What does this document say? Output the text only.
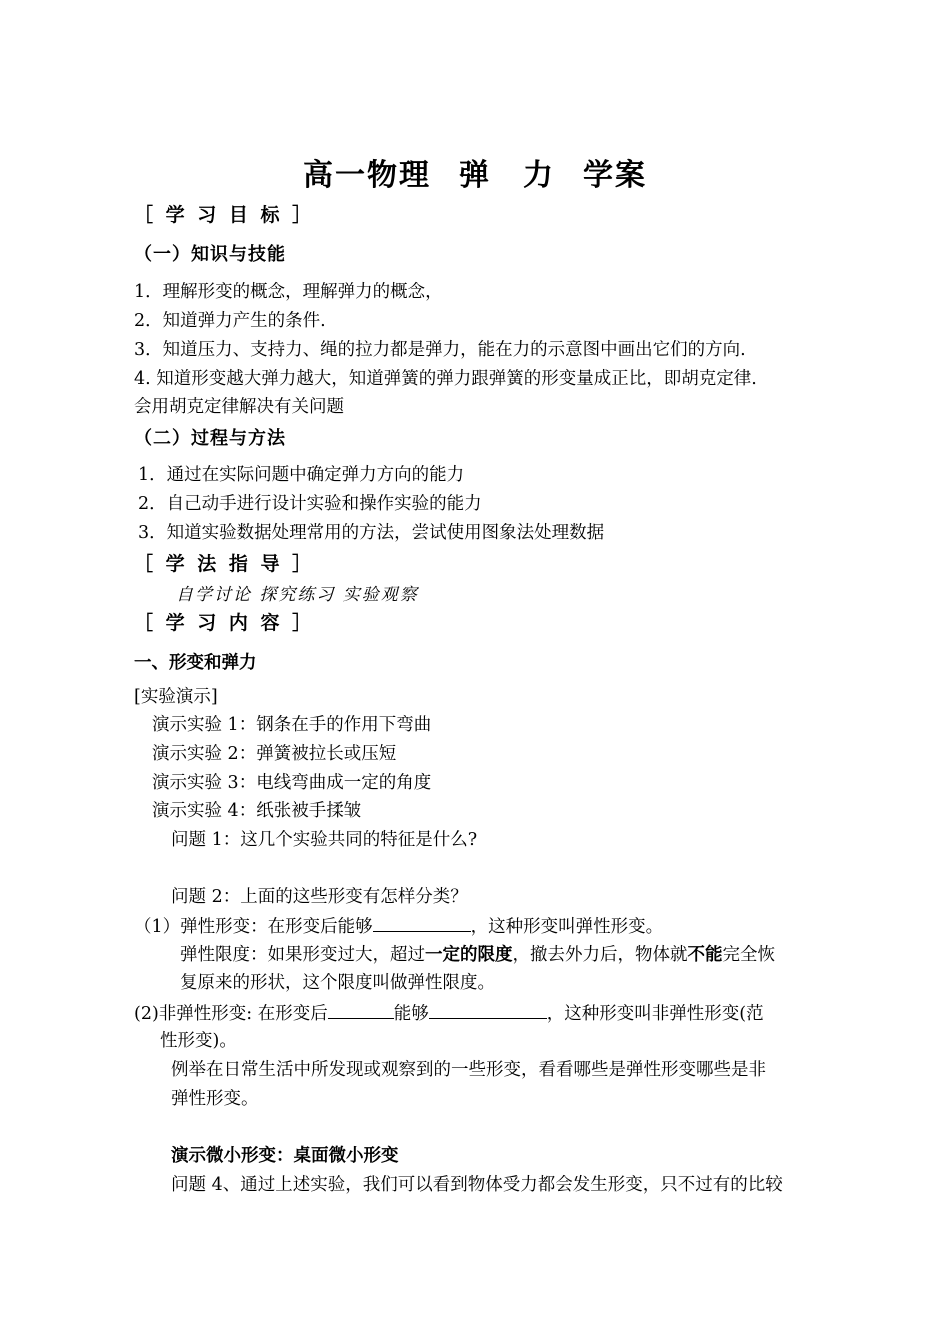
高一物理 弹　力 学案
［ 学 习 目 标 ］
（一）知识与技能
1．理解形变的概念，理解弹力的概念，
2．知道弹力产生的条件.
3．知道压力、支持力、绳的拉力都是弹力，能在力的示意图中画出它们的方向.
4. 知道形变越大弹力越大，知道弹簧的弹力跟弹簧的形变量成正比，即胡克定律.
会用胡克定律解决有关问题
（二）过程与方法
1．通过在实际问题中确定弹力方向的能力
2．自己动手进行设计实验和操作实验的能力
3．知道实验数据处理常用的方法，尝试使用图象法处理数据
［ 学 法 指 导 ］
自学讨论 探究练习 实验观察
［ 学 习 内 容 ］
一、形变和弹力
[实验演示]
演示实验 1：钢条在手的作用下弯曲
演示实验 2：弹簧被拉长或压短
演示实验 3：电线弯曲成一定的角度
演示实验 4：纸张被手揉皱
问题 1：这几个实验共同的特征是什么?
问题 2：上面的这些形变有怎样分类？
（1）弹性形变：在形变后能够	，这种形变叫弹性形变。
弹性限度：如果形变过大，超过一定的限度，撤去外力后，物体就不能完全恢
复原来的形状，这个限度叫做弹性限度。
(2)非弹性形变: 在形变后	能够	，这种形变叫非弹性形变(范
性形变)。
例举在日常生活中所发现或观察到的一些形变，看看哪些是弹性形变哪些是非
弹性形变。
演示微小形变：桌面微小形变
问题 4、通过上述实验，我们可以看到物体受力都会发生形变，只不过有的比较
